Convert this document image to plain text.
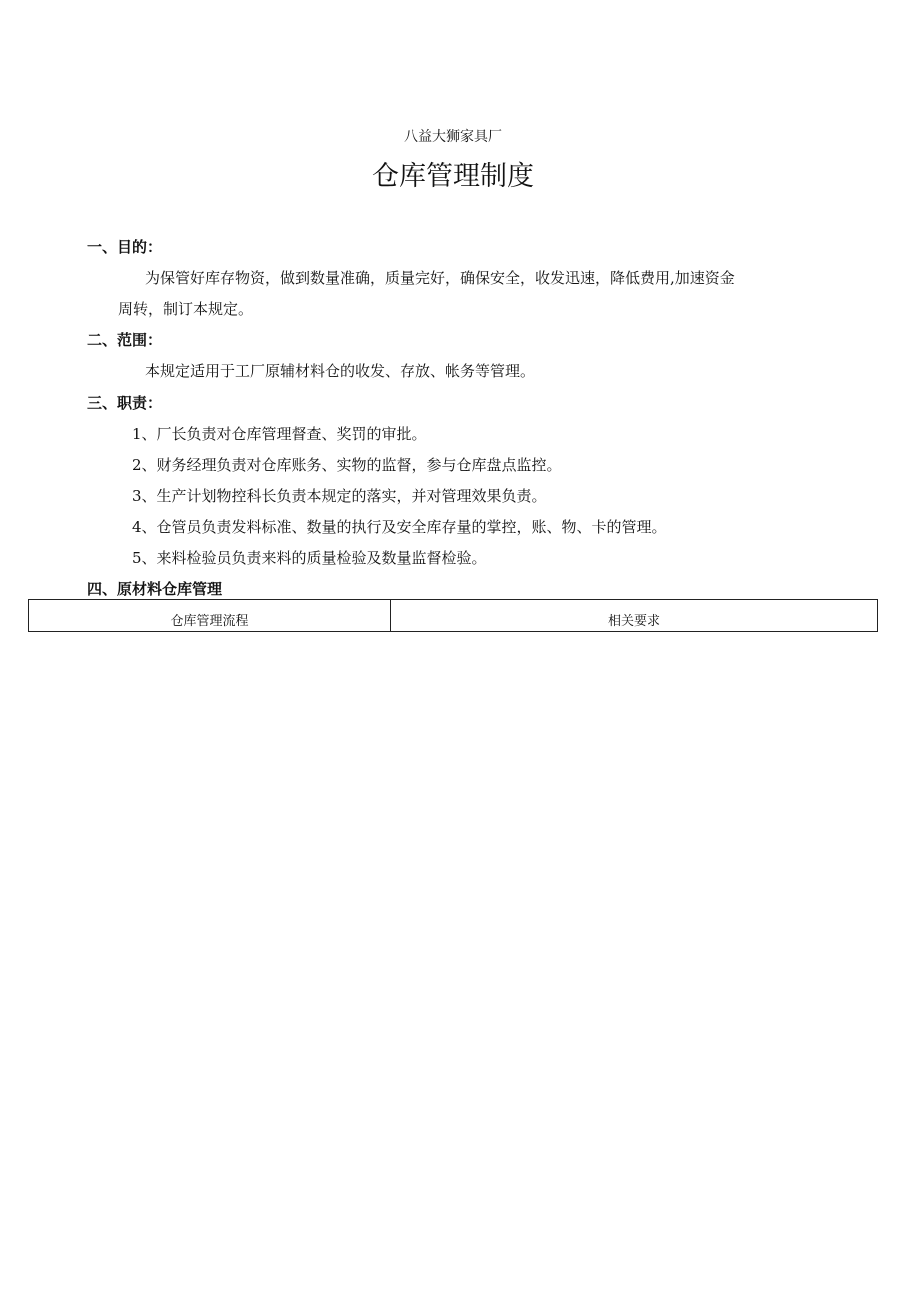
八益大狮家具厂
仓库管理制度
一、目的：
为保管好库存物资，做到数量准确，质量完好，确保安全，收发迅速，降低费用,加速资金
周转，制订本规定。
二、范围：
本规定适用于工厂原辅材料仓的收发、存放、帐务等管理。
三、职责：
1、厂长负责对仓库管理督查、奖罚的审批。
2、财务经理负责对仓库账务、实物的监督，参与仓库盘点监控。
3、生产计划物控科长负责本规定的落实，并对管理效果负责。
4、仓管员负责发料标准、数量的执行及安全库存量的掌控，账、物、卡的管理。
5、来料检验员负责来料的质量检验及数量监督检验。
四、原材料仓库管理
仓库管理流程	相关要求
